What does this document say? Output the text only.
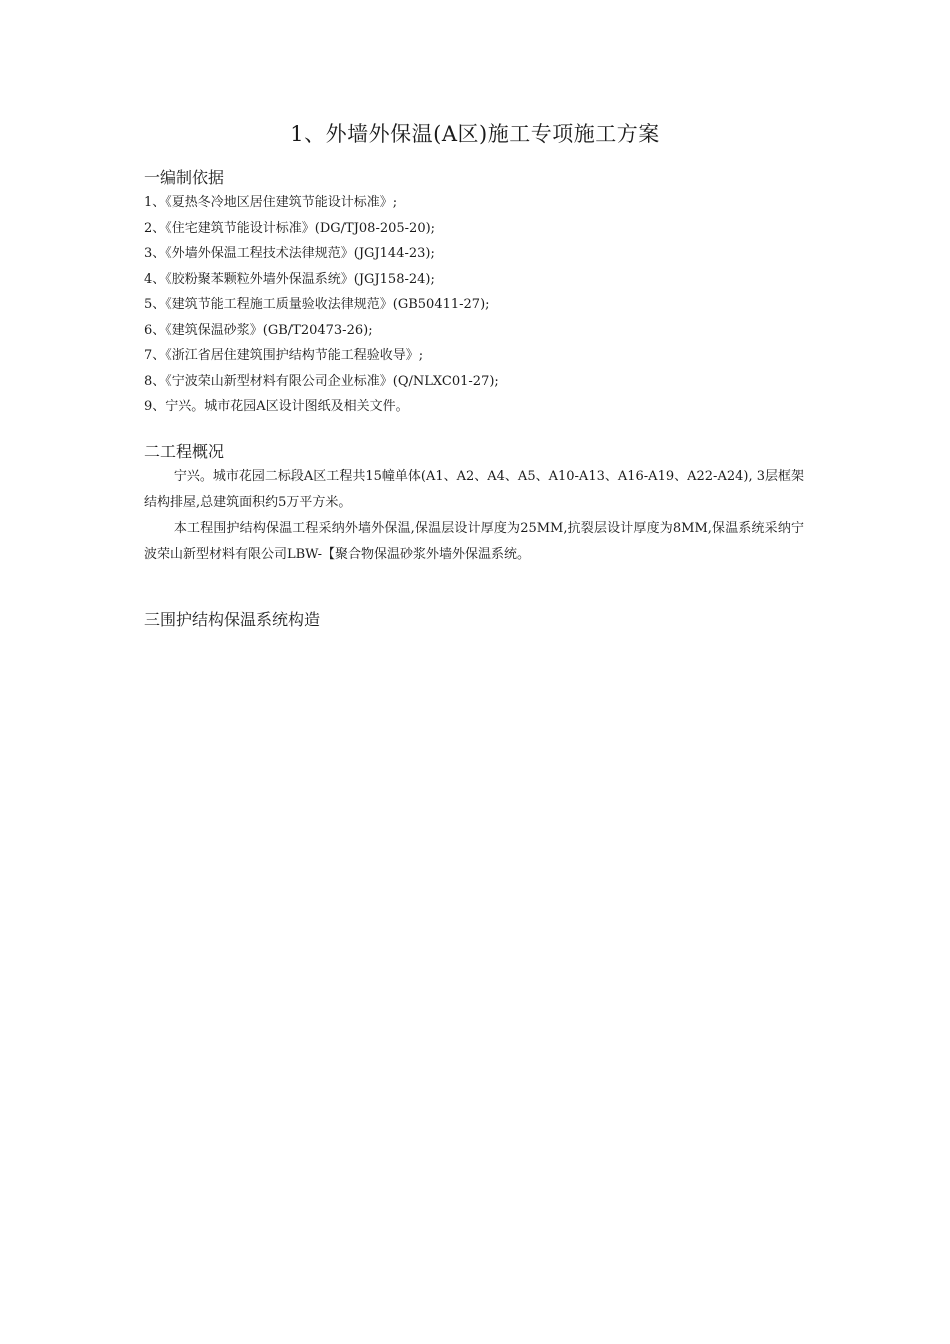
1、外墙外保温(A区)施工专项施工方案

一编制依据

1、《夏热冬冷地区居住建筑节能设计标准》;
2、《住宅建筑节能设计标准》(DG/TJ08-205-20);
3、《外墙外保温工程技术法律规范》(JGJ144-23);
4、《胶粉聚苯颗粒外墙外保温系统》(JGJ158-24);
5、《建筑节能工程施工质量验收法律规范》(GB50411-27);
6、《建筑保温砂浆》(GB/T20473-26);
7、《浙江省居住建筑围护结构节能工程验收导》;
8、《宁波荣山新型材料有限公司企业标准》(Q/NLXC01-27);
9、宁兴。城市花园A区设计图纸及相关文件。

二工程概况

宁兴。城市花园二标段A区工程共15幢单体(A1、A2、A4、A5、A10-A13、A16-A19、A22-A24), 3层框架结构排屋,总建筑面积约5万平方米。

本工程围护结构保温工程采纳外墙外保温,保温层设计厚度为25MM,抗裂层设计厚度为8MM,保温系统采纳宁波荣山新型材料有限公司LBW-【聚合物保温砂浆外墙外保温系统。

三围护结构保温系统构造
